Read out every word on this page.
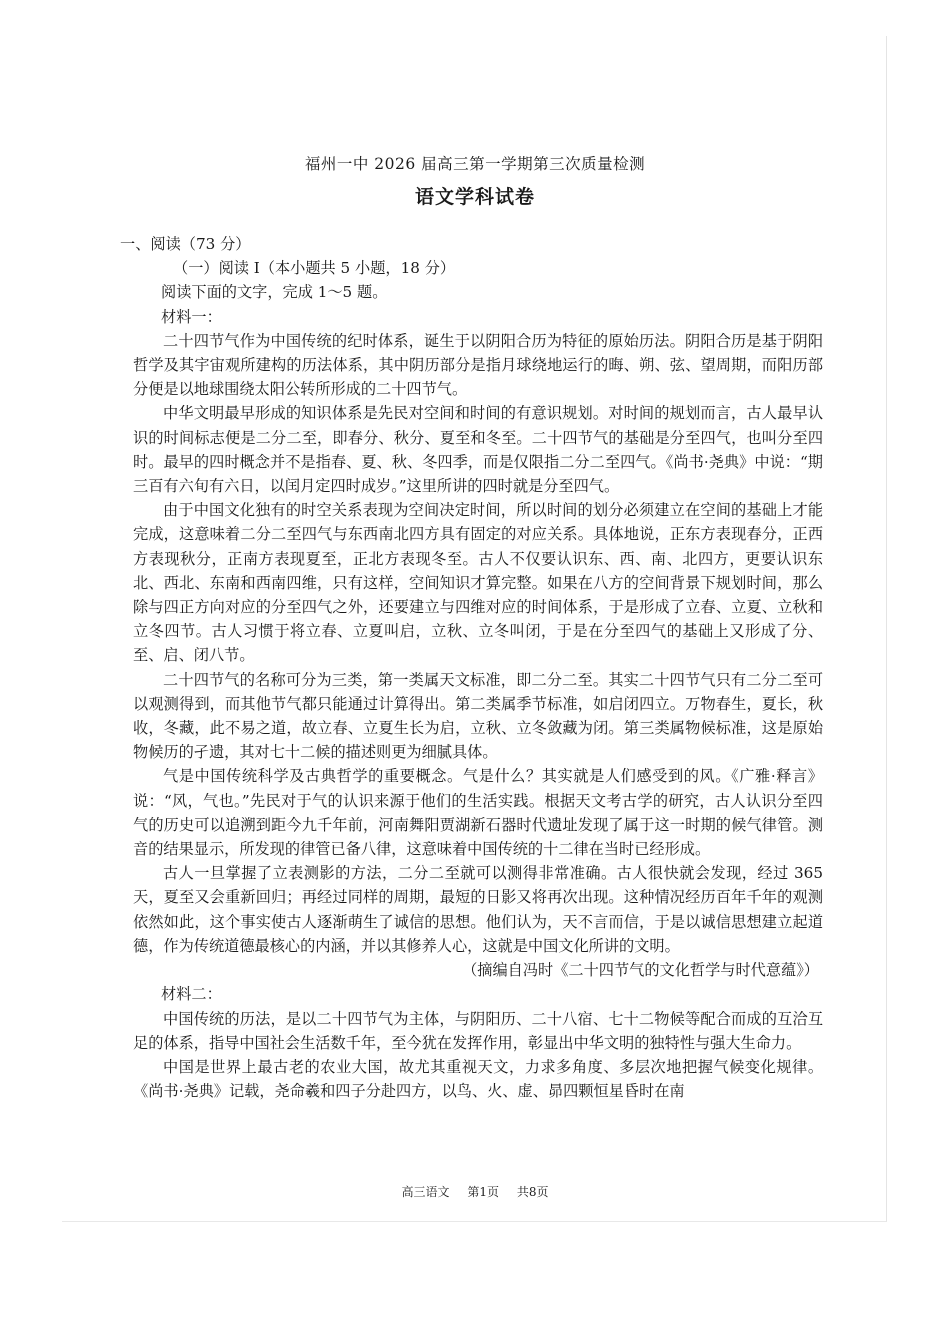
福州一中 2026 届高三第一学期第三次质量检测
语文学科试卷

一、阅读（73 分）

（一）阅读 I（本小题共 5 小题，18 分）

阅读下面的文字，完成 1～5 题。

材料一：

二十四节气作为中国传统的纪时体系，诞生于以阴阳合历为特征的原始历法。阴阳合历是基于阴阳哲学及其宇宙观所建构的历法体系，其中阴历部分是指月球绕地运行的晦、朔、弦、望周期，而阳历部分便是以地球围绕太阳公转所形成的二十四节气。

中华文明最早形成的知识体系是先民对空间和时间的有意识规划。对时间的规划而言，古人最早认识的时间标志便是二分二至，即春分、秋分、夏至和冬至。二十四节气的基础是分至四气，也叫分至四时。最早的四时概念并不是指春、夏、秋、冬四季，而是仅限指二分二至四气。《尚书·尧典》中说：“期三百有六旬有六日，以闰月定四时成岁。”这里所讲的四时就是分至四气。

由于中国文化独有的时空关系表现为空间决定时间，所以时间的划分必须建立在空间的基础上才能完成，这意味着二分二至四气与东西南北四方具有固定的对应关系。具体地说，正东方表现春分，正西方表现秋分，正南方表现夏至，正北方表现冬至。古人不仅要认识东、西、南、北四方，更要认识东北、西北、东南和西南四维，只有这样，空间知识才算完整。如果在八方的空间背景下规划时间，那么除与四正方向对应的分至四气之外，还要建立与四维对应的时间体系，于是形成了立春、立夏、立秋和立冬四节。古人习惯于将立春、立夏叫启，立秋、立冬叫闭，于是在分至四气的基础上又形成了分、至、启、闭八节。

二十四节气的名称可分为三类，第一类属天文标准，即二分二至。其实二十四节气只有二分二至可以观测得到，而其他节气都只能通过计算得出。第二类属季节标准，如启闭四立。万物春生，夏长，秋收，冬藏，此不易之道，故立春、立夏生长为启，立秋、立冬敛藏为闭。第三类属物候标准，这是原始物候历的孑遗，其对七十二候的描述则更为细腻具体。

气是中国传统科学及古典哲学的重要概念。气是什么？其实就是人们感受到的风。《广雅·释言》说：“风，气也。”先民对于气的认识来源于他们的生活实践。根据天文考古学的研究，古人认识分至四气的历史可以追溯到距今九千年前，河南舞阳贾湖新石器时代遗址发现了属于这一时期的候气律管。测音的结果显示，所发现的律管已备八律，这意味着中国传统的十二律在当时已经形成。

古人一旦掌握了立表测影的方法，二分二至就可以测得非常准确。古人很快就会发现，经过 365 天，夏至又会重新回归；再经过同样的周期，最短的日影又将再次出现。这种情况经历百年千年的观测依然如此，这个事实使古人逐渐萌生了诚信的思想。他们认为，天不言而信，于是以诚信思想建立起道德，作为传统道德最核心的内涵，并以其修养人心，这就是中国文化所讲的文明。

（摘编自冯时《二十四节气的文化哲学与时代意蕴》）

材料二：

中国传统的历法，是以二十四节气为主体，与阴阳历、二十八宿、七十二物候等配合而成的互洽互足的体系，指导中国社会生活数千年，至今犹在发挥作用，彰显出中华文明的独特性与强大生命力。

中国是世界上最古老的农业大国，故尤其重视天文，力求多角度、多层次地把握气候变化规律。《尚书·尧典》记载，尧命羲和四子分赴四方，以鸟、火、虚、昴四颗恒星昏时在南

高三语文 第1页 共8页
